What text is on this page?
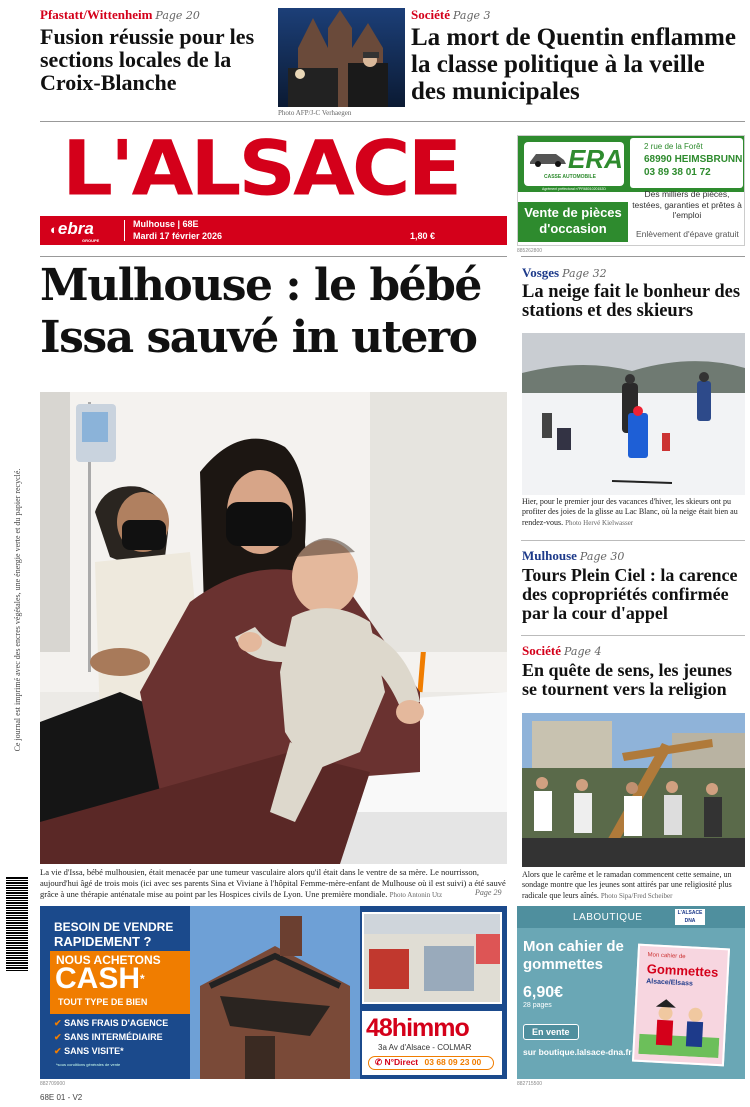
Pfastatt/Wittenheim Page 20
Fusion réussie pour les sections locales de la Croix-Blanche
Photo AFP/J-C Verhaegen
Société Page 3
La mort de Quentin enflamme la classe politique à la veille des municipales
L'ALSACE
◐ebra
GROUPE
Mulhouse | 68E
Mardi 17 février 2026	1,80 €
ERA
CASSE AUTOMOBILE
Agrément préfectoral n°PR6801020152D
2 rue de la Forêt
68990 HEIMSBRUNN
03 89 38 01 72
Vente de pièces d'occasion
Des milliers de pièces, testées, garanties et prêtes à l'emploi
Enlèvement d'épave gratuit
885262800
Mulhouse : le bébé
Issa sauvé in utero
La vie d'Issa, bébé mulhousien, était menacée par une tumeur vasculaire alors qu'il était dans le ventre de sa mère. Le nourrisson, aujourd'hui âgé de trois mois (ici avec ses parents Sina et Viviane à l'hôpital Femme-mère-enfant de Mulhouse où il est suivi) a été sauvé grâce à une thérapie anténatale mise au point par les Hospices civils de Lyon. Une première mondiale. Photo Antonin Utz	Page 29
Ce journal est imprimé avec des encres végétales, une énergie verte et du papier recyclé.
Vosges Page 32
La neige fait le bonheur des stations et des skieurs
Hier, pour le premier jour des vacances d'hiver, les skieurs ont pu profiter des joies de la glisse au Lac Blanc, où la neige était bien au rendez-vous. Photo Hervé Kielwasser
Mulhouse Page 30
Tours Plein Ciel : la carence des copropriétés confirmée par la cour d'appel
Société Page 4
En quête de sens, les jeunes se tournent vers la religion
Alors que le carême et le ramadan commencent cette semaine, un sondage montre que les jeunes sont attirés par une religiosité plus radicale que leurs aînés. Photo Sipa/Fred Scheiber
BESOIN DE VENDRE
RAPIDEMENT ?
NOUS ACHETONS
CASH*
TOUT TYPE DE BIEN
✔ SANS FRAIS D'AGENCE
✔ SANS INTERMÉDIAIRE
✔ SANS VISITE*
*sous conditions générales de vente
48himmo
3a Av d'Alsace - COLMAR
✆ N°Direct 03 68 09 23 00
882709900
LABOUTIQUE	L'ALSACE
DNA
Mon cahier de gommettes
6,90€
28 pages
En vente
sur boutique.lalsace-dna.fr
Mon cahier de
Gommettes
Alsace/Elsass
882715500
68E 01 - V2
